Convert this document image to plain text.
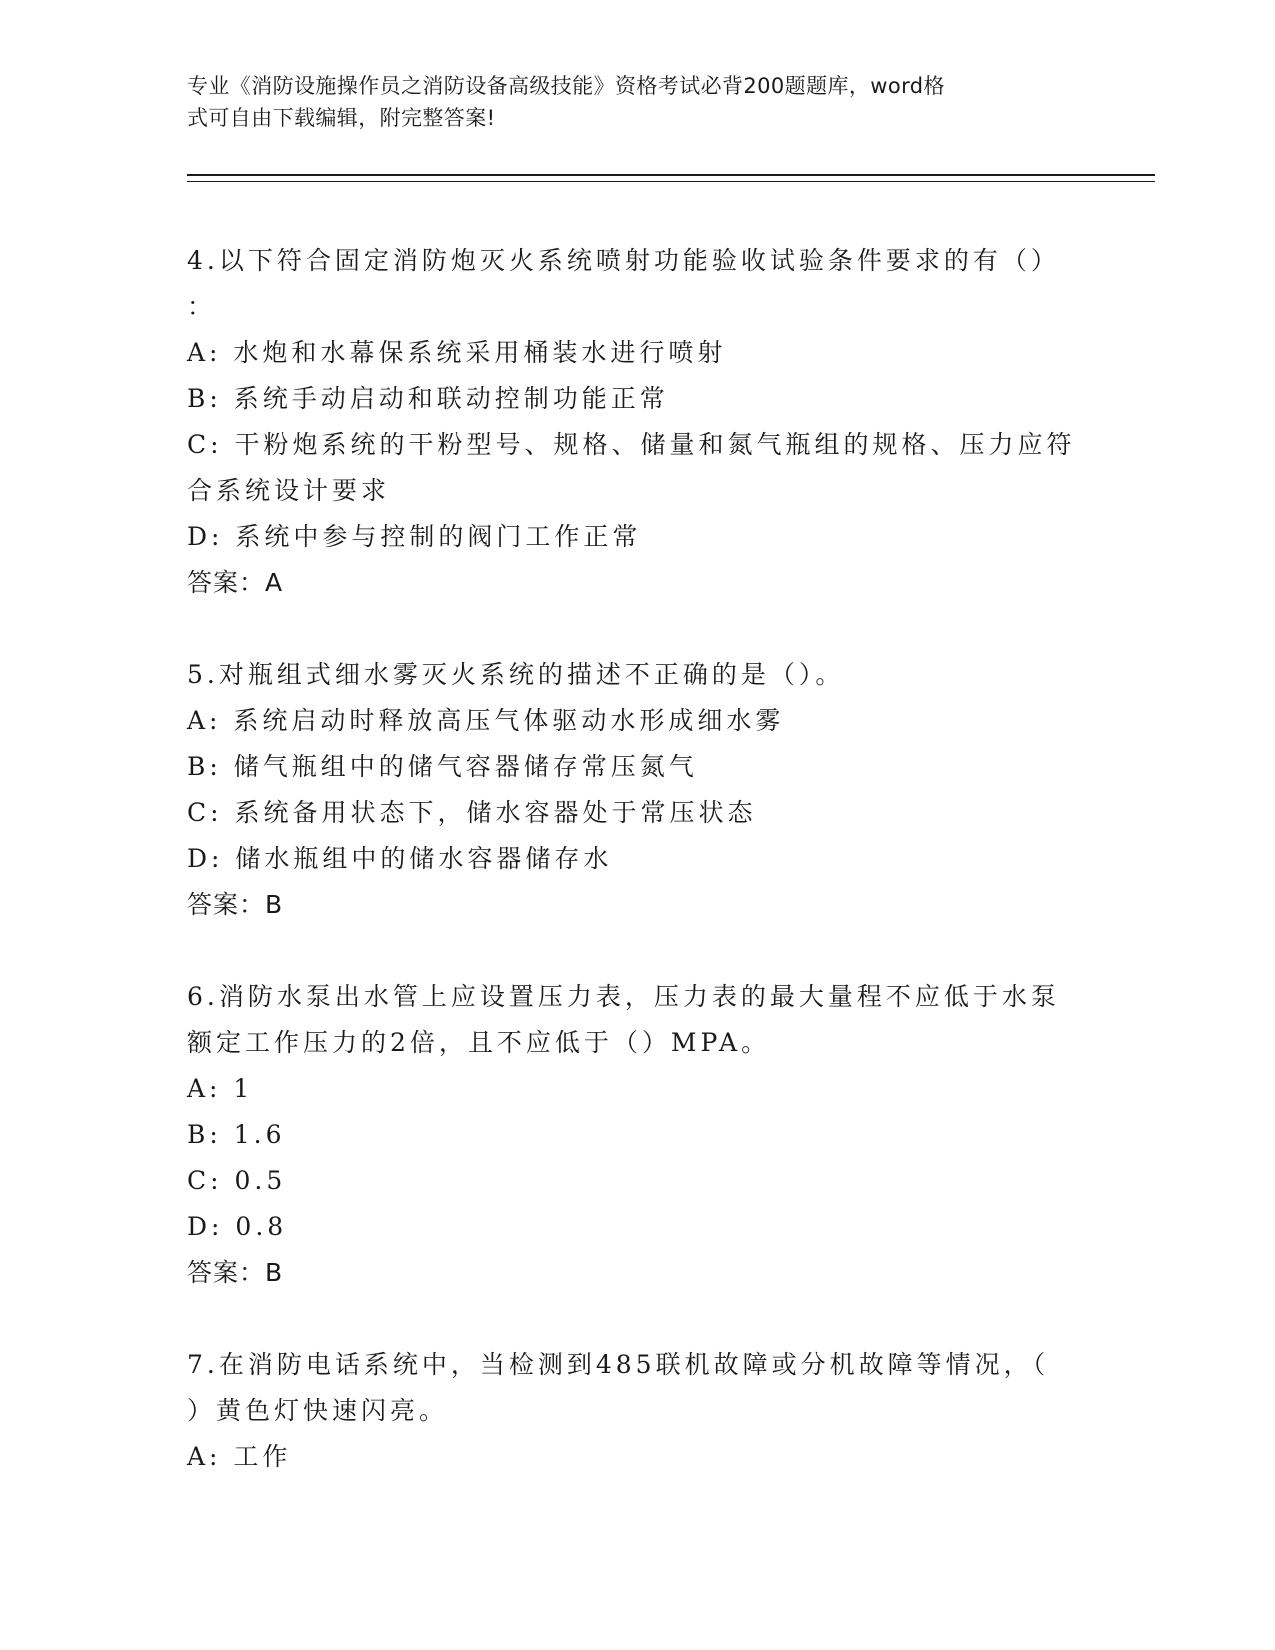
专业《消防设施操作员之消防设备高级技能》资格考试必背200题题库，word格
式可自由下载编辑，附完整答案!
4.以下符合固定消防炮灭火系统喷射功能验收试验条件要求的有（）
：
A: 水炮和水幕保系统采用桶装水进行喷射
B: 系统手动启动和联动控制功能正常
C: 干粉炮系统的干粉型号、规格、储量和氮气瓶组的规格、压力应符
合系统设计要求
D: 系统中参与控制的阀门工作正常
答案：A
5.对瓶组式细水雾灭火系统的描述不正确的是（）。
A: 系统启动时释放高压气体驱动水形成细水雾
B: 储气瓶组中的储气容器储存常压氮气
C: 系统备用状态下，储水容器处于常压状态
D: 储水瓶组中的储水容器储存水
答案：B
6.消防水泵出水管上应设置压力表，压力表的最大量程不应低于水泵
额定工作压力的2倍，且不应低于（）MPA。
A: 1
B: 1.6
C: 0.5
D: 0.8
答案：B
7.在消防电话系统中，当检测到485联机故障或分机故障等情况，（
）黄色灯快速闪亮。
A: 工作
